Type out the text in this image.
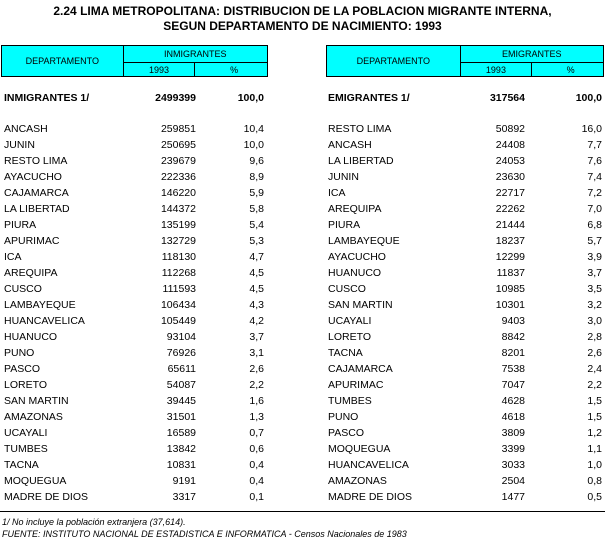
2.24 LIMA METROPOLITANA: DISTRIBUCION DE LA POBLACION MIGRANTE INTERNA,
SEGUN DEPARTAMENTO DE NACIMIENTO: 1993
DEPARTAMENTO	INMIGRANTES	
	1993	%
DEPARTAMENTO	EMIGRANTES	
	1993	%
INMIGRANTES 1/	2499399	100,0	EMIGRANTES 1/	317564	100,0
ANCASH	259851	10,4
JUNIN	250695	10,0
RESTO LIMA	239679	9,6
AYACUCHO	222336	8,9
CAJAMARCA	146220	5,9
LA LIBERTAD	144372	5,8
PIURA	135199	5,4
APURIMAC	132729	5,3
ICA	118130	4,7
AREQUIPA	112268	4,5
CUSCO	111593	4,5
LAMBAYEQUE	106434	4,3
HUANCAVELICA	105449	4,2
HUANUCO	93104	3,7
PUNO	76926	3,1
PASCO	65611	2,6
LORETO	54087	2,2
SAN MARTIN	39445	1,6
AMAZONAS	31501	1,3
UCAYALI	16589	0,7
TUMBES	13842	0,6
TACNA	10831	0,4
MOQUEGUA	9191	0,4
MADRE DE DIOS	3317	0,1
RESTO LIMA	50892	16,0
ANCASH	24408	7,7
LA LIBERTAD	24053	7,6
JUNIN	23630	7,4
ICA	22717	7,2
AREQUIPA	22262	7,0
PIURA	21444	6,8
LAMBAYEQUE	18237	5,7
AYACUCHO	12299	3,9
HUANUCO	11837	3,7
CUSCO	10985	3,5
SAN MARTIN	10301	3,2
UCAYALI	9403	3,0
LORETO	8842	2,8
TACNA	8201	2,6
CAJAMARCA	7538	2,4
APURIMAC	7047	2,2
TUMBES	4628	1,5
PUNO	4618	1,5
PASCO	3809	1,2
MOQUEGUA	3399	1,1
HUANCAVELICA	3033	1,0
AMAZONAS	2504	0,8
MADRE DE DIOS	1477	0,5
1/ No incluye la población extranjera (37,614).
FUENTE: INSTITUTO NACIONAL DE ESTADISTICA E INFORMATICA - Censos Nacionales de 1983
